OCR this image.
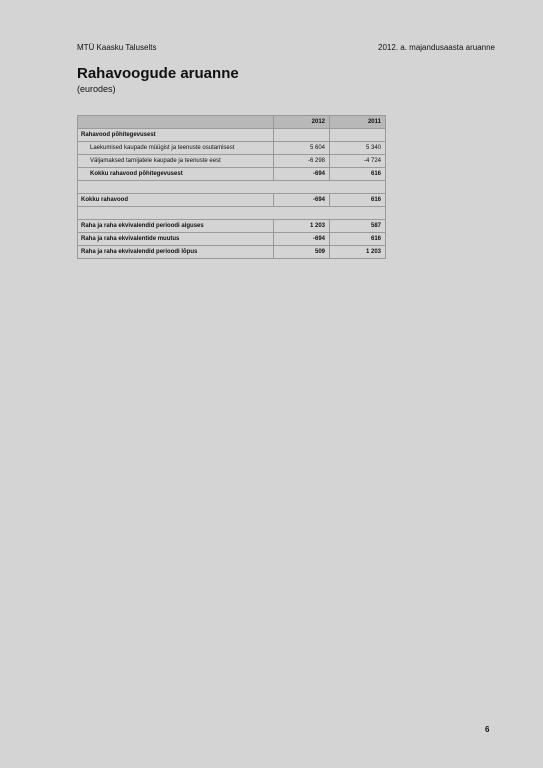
MTÜ Kaasku Taluselts	2012. a. majandusaasta aruanne
Rahavoogude aruanne
(eurodes)
	2012	2011
Rahavood põhitegevusest		
Laekumised kaupade müügist ja teenuste osutamisest	5 604	5 340
Väljamaksed tarnijatele kaupade ja teenuste eest	-6 298	-4 724
Kokku rahavood põhitegevusest	-694	616

Kokku rahavood	-694	616

Raha ja raha ekvivalendid perioodi alguses	1 203	587
Raha ja raha ekvivalentide muutus	-694	616
Raha ja raha ekvivalendid perioodi lõpus	509	1 203
6
